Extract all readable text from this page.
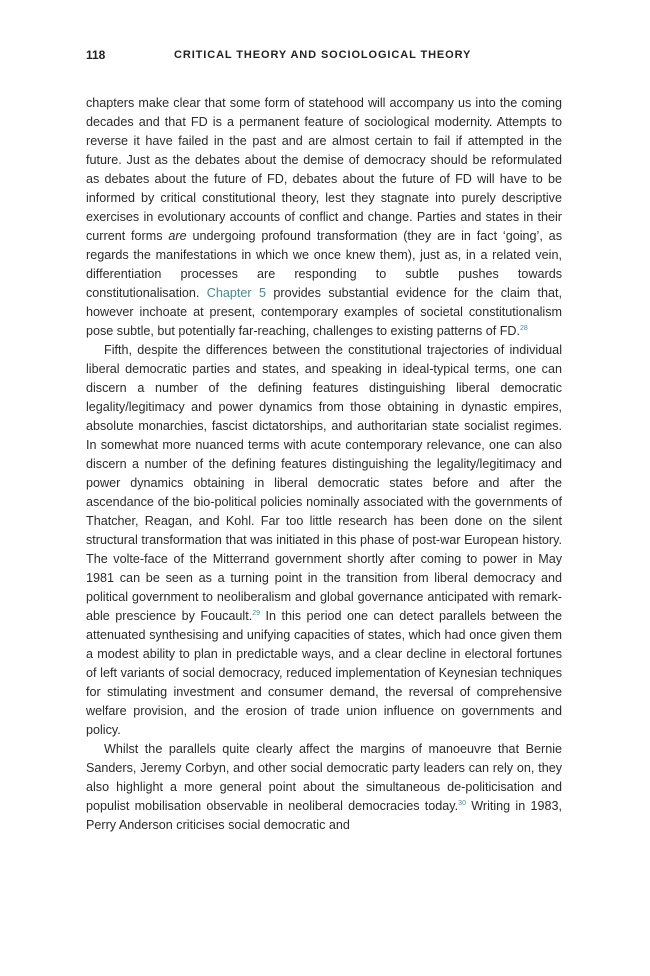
118	CRITICAL THEORY AND SOCIOLOGICAL THEORY

chapters make clear that some form of statehood will accompany us into the coming decades and that FD is a permanent feature of sociological modernity. Attempts to reverse it have failed in the past and are almost certain to fail if attempted in the future. Just as the debates about the demise of democracy should be reformulated as debates about the future of FD, debates about the future of FD will have to be informed by critical constitutional theory, lest they stagnate into purely descriptive exercises in evolutionary accounts of conflict and change. Parties and states in their current forms are undergoing profound transformation (they are in fact ‘going’, as regards the manifestations in which we once knew them), just as, in a related vein, differentiation processes are responding to subtle pushes towards constitutionalisation. Chapter 5 provides substantial evidence for the claim that, however inchoate at present, contemporary examples of societal constitutionalism pose subtle, but potentially far-reaching, challenges to existing patterns of FD.$^{28}$

Fifth, despite the differences between the constitutional trajectories of individual liberal democratic parties and states, and speaking in ideal-typical terms, one can discern a number of the defining features distinguishing liberal democratic legality/legitimacy and power dynamics from those obtaining in dynastic empires, absolute monarchies, fascist dictatorships, and authoritarian state socialist regimes. In somewhat more nuanced terms with acute contemporary relevance, one can also discern a number of the defining features distinguishing the legality/legitimacy and power dynamics obtaining in liberal democratic states before and after the ascendance of the bio-political policies nominally associated with the governments of Thatcher, Reagan, and Kohl. Far too little research has been done on the silent structural transformation that was initiated in this phase of post-war European history. The volte-face of the Mitterrand government shortly after coming to power in May 1981 can be seen as a turning point in the transition from liberal democracy and political government to neoliberalism and global governance anticipated with remarkable prescience by Foucault.$^{29}$ In this period one can detect parallels between the attenuated synthesising and unifying capacities of states, which had once given them a modest ability to plan in predictable ways, and a clear decline in electoral fortunes of left variants of social democracy, reduced implementation of Keynesian techniques for stimulating investment and consumer demand, the reversal of comprehensive welfare provision, and the erosion of trade union influence on governments and policy.

Whilst the parallels quite clearly affect the margins of manoeuvre that Bernie Sanders, Jeremy Corbyn, and other social democratic party leaders can rely on, they also highlight a more general point about the simultaneous de-politicisation and populist mobilisation observable in neoliberal democracies today.$^{30}$ Writing in 1983, Perry Anderson criticises social democratic and
